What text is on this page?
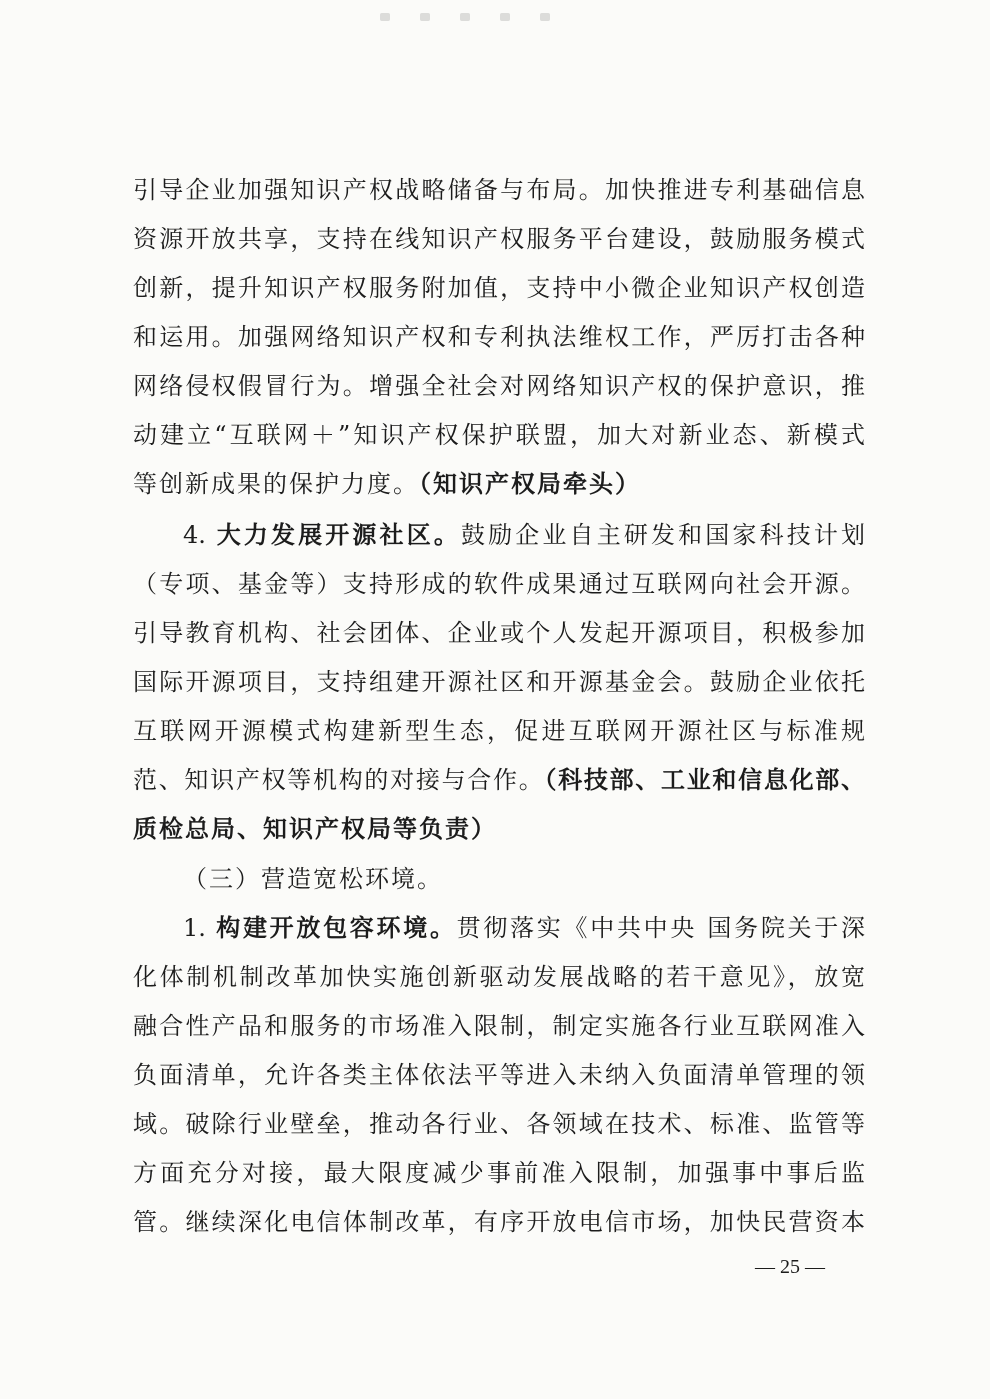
引导企业加强知识产权战略储备与布局。加快推进专利基础信息
资源开放共享，支持在线知识产权服务平台建设，鼓励服务模式
创新，提升知识产权服务附加值，支持中小微企业知识产权创造
和运用。加强网络知识产权和专利执法维权工作，严厉打击各种
网络侵权假冒行为。增强全社会对网络知识产权的保护意识，推
动建立“互联网＋”知识产权保护联盟，加大对新业态、新模式
等创新成果的保护力度。（知识产权局牵头）
4. 大力发展开源社区。鼓励企业自主研发和国家科技计划
（专项、基金等）支持形成的软件成果通过互联网向社会开源。
引导教育机构、社会团体、企业或个人发起开源项目，积极参加
国际开源项目，支持组建开源社区和开源基金会。鼓励企业依托
互联网开源模式构建新型生态，促进互联网开源社区与标准规
范、知识产权等机构的对接与合作。（科技部、工业和信息化部、
质检总局、知识产权局等负责）
（三）营造宽松环境。
1. 构建开放包容环境。贯彻落实《中共中央 国务院关于深
化体制机制改革加快实施创新驱动发展战略的若干意见》，放宽
融合性产品和服务的市场准入限制，制定实施各行业互联网准入
负面清单，允许各类主体依法平等进入未纳入负面清单管理的领
域。破除行业壁垒，推动各行业、各领域在技术、标准、监管等
方面充分对接，最大限度减少事前准入限制，加强事中事后监
管。继续深化电信体制改革，有序开放电信市场，加快民营资本
— 25 —
